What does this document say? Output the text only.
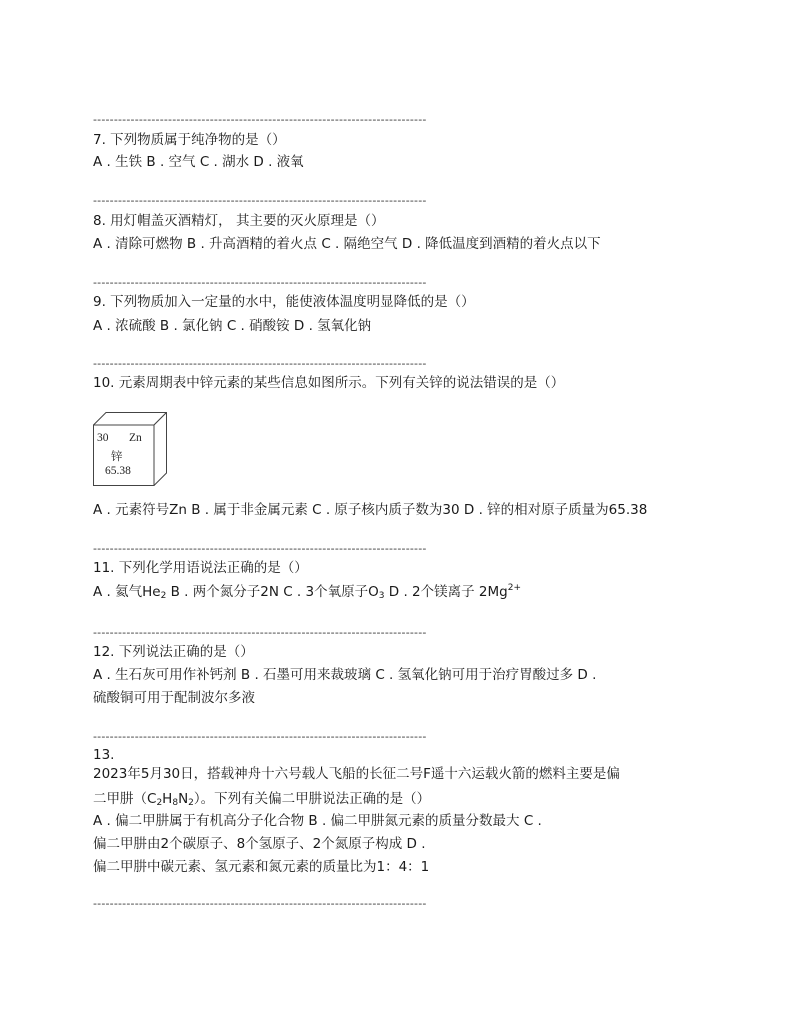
--------------------------------------------------------------------------------
7. 下列物质属于纯净物的是（）
A . 生铁 B . 空气 C . 湖水 D . 液氧
--------------------------------------------------------------------------------
8. 用灯帽盖灭酒精灯， 其主要的灭火原理是（）
A . 清除可燃物 B . 升高酒精的着火点 C . 隔绝空气 D . 降低温度到酒精的着火点以下
--------------------------------------------------------------------------------
9. 下列物质加入一定量的水中，能使液体温度明显降低的是（）
A . 浓硫酸 B . 氯化钠 C . 硝酸铵 D . 氢氧化钠
--------------------------------------------------------------------------------
10. 元素周期表中锌元素的某些信息如图所示。下列有关锌的说法错误的是（）
30 Zn
锌
65.38
A . 元素符号Zn B . 属于非金属元素 C . 原子核内质子数为30 D . 锌的相对原子质量为65.38
--------------------------------------------------------------------------------
11. 下列化学用语说法正确的是（）
A . 氦气$He_2$ B . 两个氮分子2N C . 3个氧原子$O_3$ D . 2个镁离子 $2Mg^{2+}$
--------------------------------------------------------------------------------
12. 下列说法正确的是（）
A . 生石灰可用作补钙剂 B . 石墨可用来裁玻璃 C . 氢氧化钠可用于治疗胃酸过多 D .
硫酸铜可用于配制波尔多液
--------------------------------------------------------------------------------
13.
2023年5月30日，搭载神舟十六号载人飞船的长征二号F遥十六运载火箭的燃料主要是偏
二甲肼$(C_2H_8N_2)$。下列有关偏二甲肼说法正确的是（）
A . 偏二甲肼属于有机高分子化合物 B . 偏二甲肼氮元素的质量分数最大 C .
偏二甲肼由2个碳原子、8个氢原子、2个氮原子构成 D .
偏二甲肼中碳元素、氢元素和氮元素的质量比为1：4：1
--------------------------------------------------------------------------------
